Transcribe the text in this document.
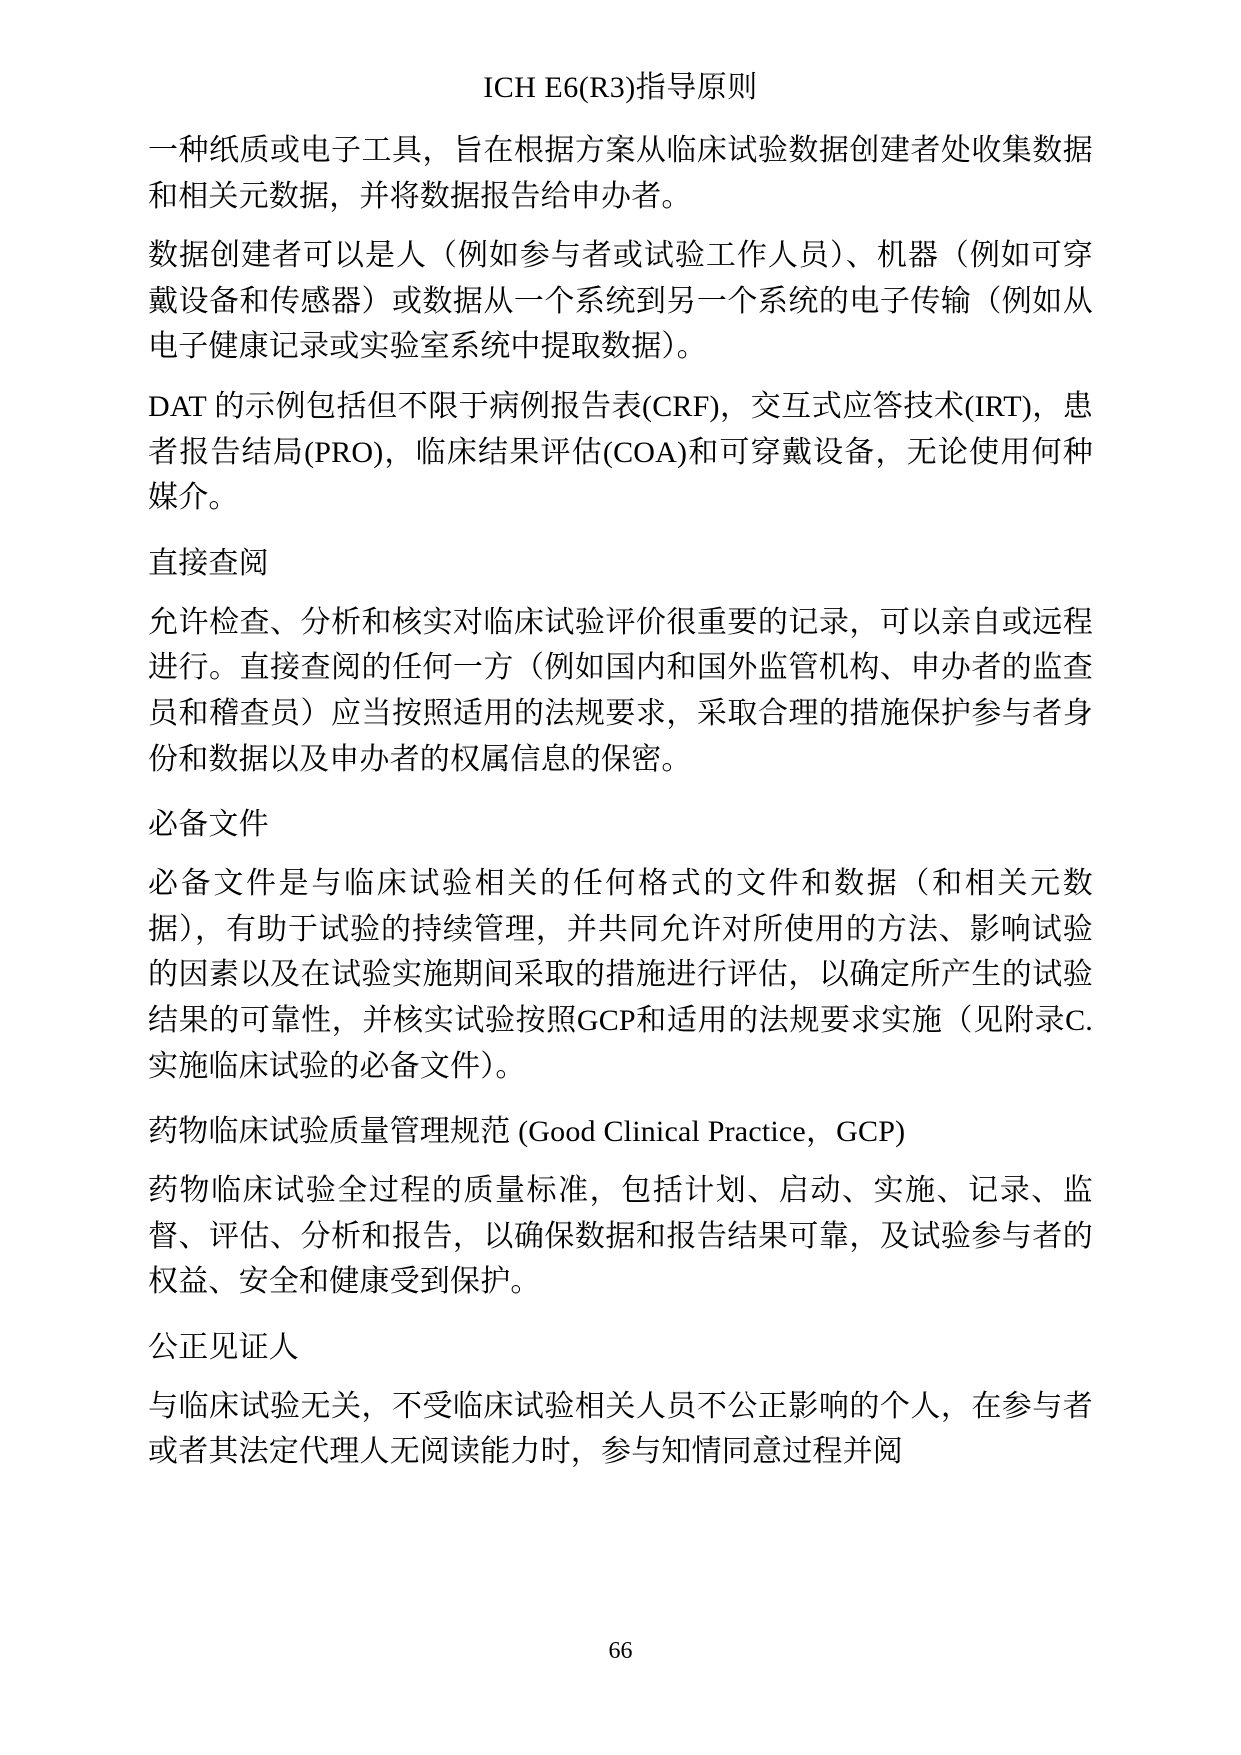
ICH E6(R3)指导原则

一种纸质或电子工具，旨在根据方案从临床试验数据创建者处收集数据和相关元数据，并将数据报告给申办者。

数据创建者可以是人（例如参与者或试验工作人员）、机器（例如可穿戴设备和传感器）或数据从一个系统到另一个系统的电子传输（例如从电子健康记录或实验室系统中提取数据）。

DAT 的示例包括但不限于病例报告表(CRF)，交互式应答技术(IRT)，患者报告结局(PRO)，临床结果评估(COA)和可穿戴设备，无论使用何种媒介。

直接查阅

允许检查、分析和核实对临床试验评价很重要的记录，可以亲自或远程进行。直接查阅的任何一方（例如国内和国外监管机构、申办者的监查员和稽查员）应当按照适用的法规要求，采取合理的措施保护参与者身份和数据以及申办者的权属信息的保密。

必备文件

必备文件是与临床试验相关的任何格式的文件和数据（和相关元数据），有助于试验的持续管理，并共同允许对所使用的方法、影响试验的因素以及在试验实施期间采取的措施进行评估，以确定所产生的试验结果的可靠性，并核实试验按照GCP和适用的法规要求实施（见附录C.实施临床试验的必备文件）。

药物临床试验质量管理规范 (Good Clinical Practice，GCP)

药物临床试验全过程的质量标准，包括计划、启动、实施、记录、监督、评估、分析和报告，以确保数据和报告结果可靠，及试验参与者的权益、安全和健康受到保护。

公正见证人

与临床试验无关，不受临床试验相关人员不公正影响的个人，在参与者或者其法定代理人无阅读能力时，参与知情同意过程并阅

66
